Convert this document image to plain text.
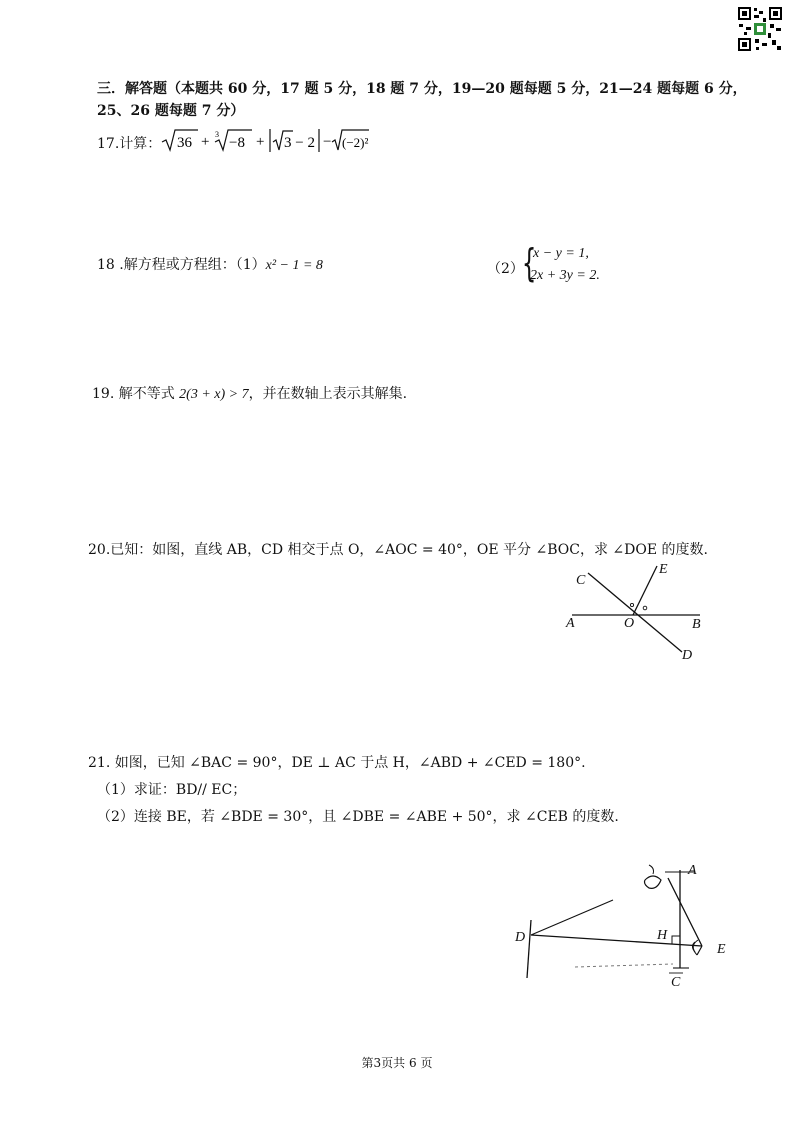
三．解答题（本题共 60 分，17 题 5 分，18 题 7 分，19—20 题每题 5 分，21—24 题每题 6 分，25、26 题每题 7 分）
17.计算： 36 + 3
−8 + 3 − 2 − (−2)²
18 .解方程或方程组：（1）x² − 1 = 8	（2）
{
x − y = 1,
2x + 3y = 2.
19. 解不等式 2(3 + x) > 7，并在数轴上表示其解集.
20.已知：如图，直线 AB，CD 相交于点 O，∠AOC = 40°，OE 平分 ∠BOC，求 ∠DOE 的度数.
C
E
A	O	B
D
21. 如图，已知 ∠BAC = 90°，DE ⊥ AC 于点 H，∠ABD + ∠CED = 180°.
（1）求证：BD// EC；
（2）连接 BE，若 ∠BDE = 30°，且 ∠DBE = ∠ABE + 50°，求 ∠CEB 的度数.
A
H
D
E
C
第3页共 6 页
